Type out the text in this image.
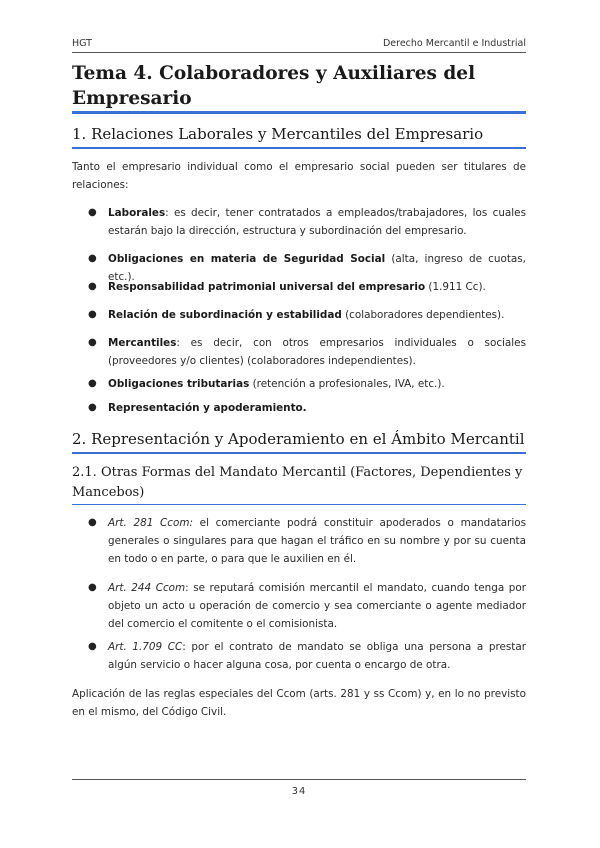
HGT	Derecho Mercantil e Industrial
Tema 4. Colaboradores y Auxiliares del Empresario
1. Relaciones Laborales y Mercantiles del Empresario

Tanto el empresario individual como el empresario social pueden ser titulares de relaciones:

● Laborales: es decir, tener contratados a empleados/trabajadores, los cuales estarán bajo la dirección, estructura y subordinación del empresario.
● Obligaciones en materia de Seguridad Social (alta, ingreso de cuotas, etc.).
● Responsabilidad patrimonial universal del empresario (1.911 Cc).
● Relación de subordinación y estabilidad (colaboradores dependientes).
● Mercantiles: es decir, con otros empresarios individuales o sociales (proveedores y/o clientes) (colaboradores independientes).
● Obligaciones tributarias (retención a profesionales, IVA, etc.).
● Representación y apoderamiento.
2. Representación y Apoderamiento en el Ámbito Mercantil
2.1. Otras Formas del Mandato Mercantil (Factores, Dependientes y Mancebos)
● Art. 281 Ccom: el comerciante podrá constituir apoderados o mandatarios generales o singulares para que hagan el tráfico en su nombre y por su cuenta en todo o en parte, o para que le auxilien en él.
● Art. 244 Ccom: se reputará comisión mercantil el mandato, cuando tenga por objeto un acto u operación de comercio y sea comerciante o agente mediador del comercio el comitente o el comisionista.
● Art. 1.709 CC: por el contrato de mandato se obliga una persona a prestar algún servicio o hacer alguna cosa, por cuenta o encargo de otra.

Aplicación de las reglas especiales del Ccom (arts. 281 y ss Ccom) y, en lo no previsto en el mismo, del Código Civil.

34
